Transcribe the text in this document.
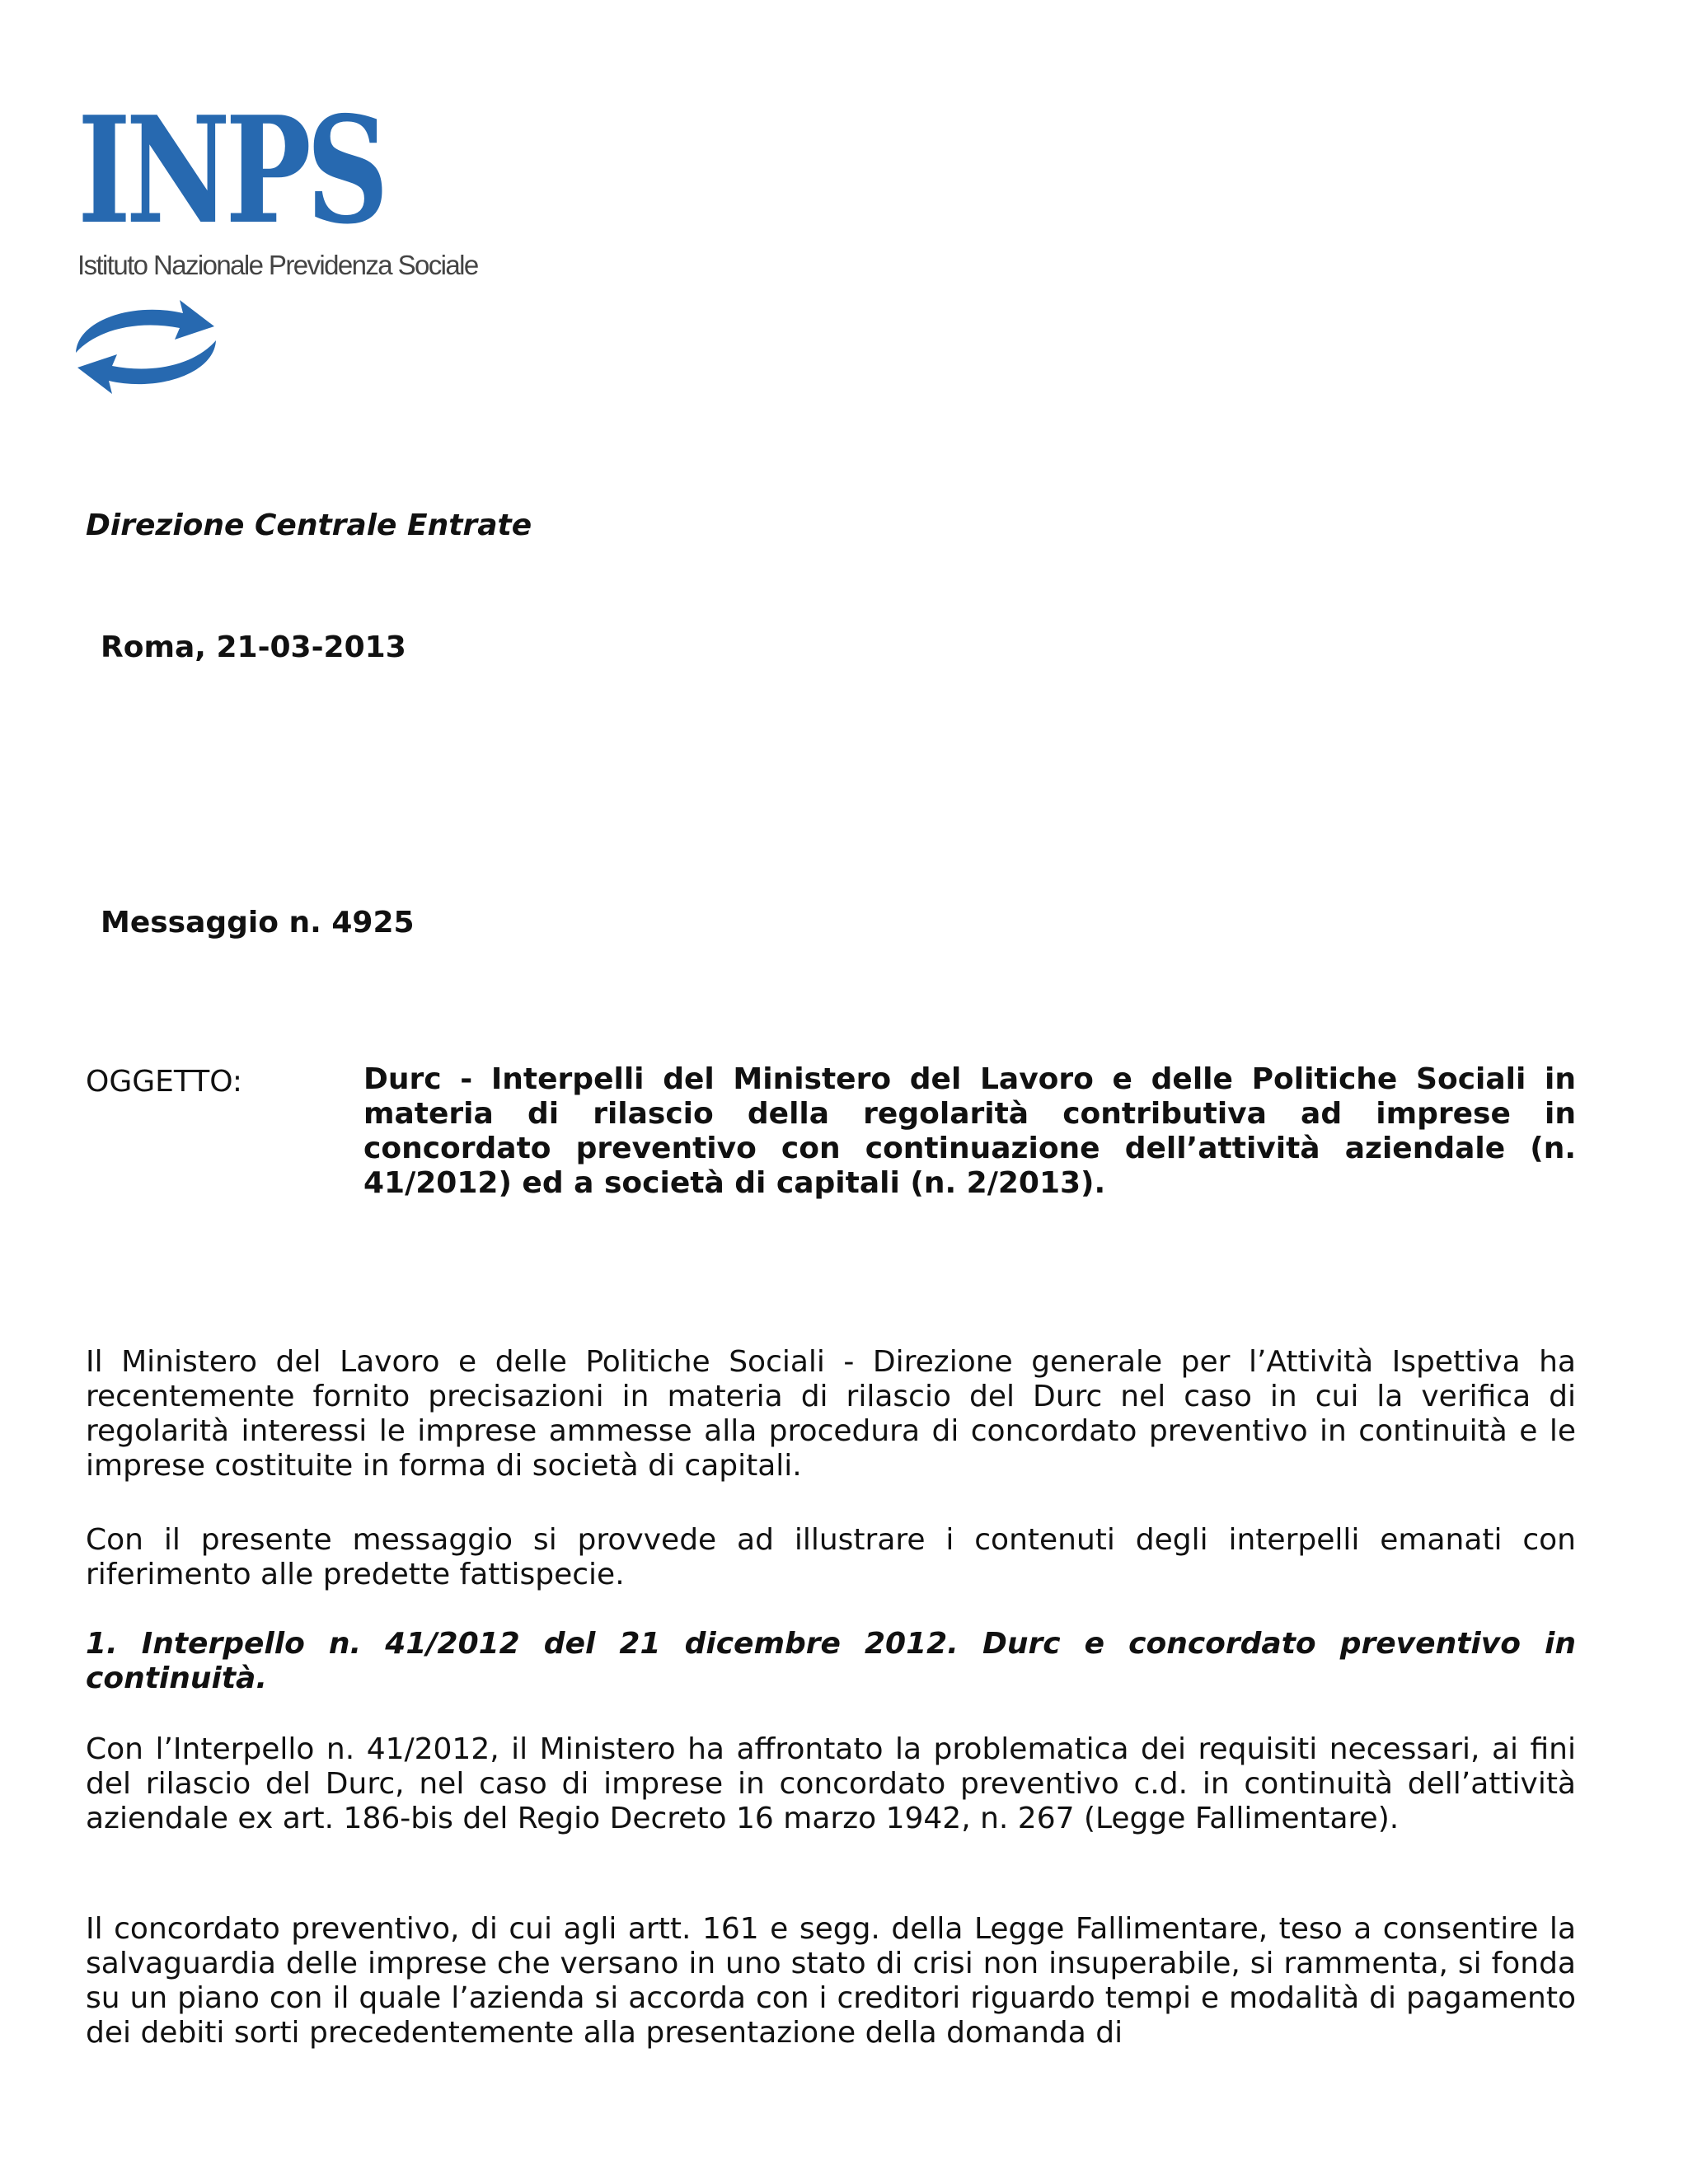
INPS
Istituto Nazionale Previdenza Sociale
Direzione Centrale Entrate
Roma, 21-03-2013
Messaggio n. 4925
OGGETTO:	Durc - Interpelli del Ministero del Lavoro e delle Politiche Sociali in materia di rilascio della regolarità contributiva ad imprese in concordato preventivo con continuazione dell’attività aziendale (n. 41/2012) ed a società di capitali (n. 2/2013).
Il Ministero del Lavoro e delle Politiche Sociali - Direzione generale per l’Attività Ispettiva ha recentemente fornito precisazioni in materia di rilascio del Durc nel caso in cui la verifica di regolarità interessi le imprese ammesse alla procedura di concordato preventivo in continuità e le imprese costituite in forma di società di capitali.
Con il presente messaggio si provvede ad illustrare i contenuti degli interpelli emanati con riferimento alle predette fattispecie.
1. Interpello n. 41/2012 del 21 dicembre 2012. Durc e concordato preventivo in continuità.
Con l’Interpello n. 41/2012, il Ministero ha affrontato la problematica dei requisiti necessari, ai fini del rilascio del Durc, nel caso di imprese in concordato preventivo c.d. in continuità dell’attività aziendale ex art. 186-bis del Regio Decreto 16 marzo 1942, n. 267 (Legge Fallimentare).
Il concordato preventivo, di cui agli artt. 161 e segg. della Legge Fallimentare, teso a consentire la salvaguardia delle imprese che versano in uno stato di crisi non insuperabile, si rammenta, si fonda su un piano con il quale l’azienda si accorda con i creditori riguardo tempi e modalità di pagamento dei debiti sorti precedentemente alla presentazione della domanda di
